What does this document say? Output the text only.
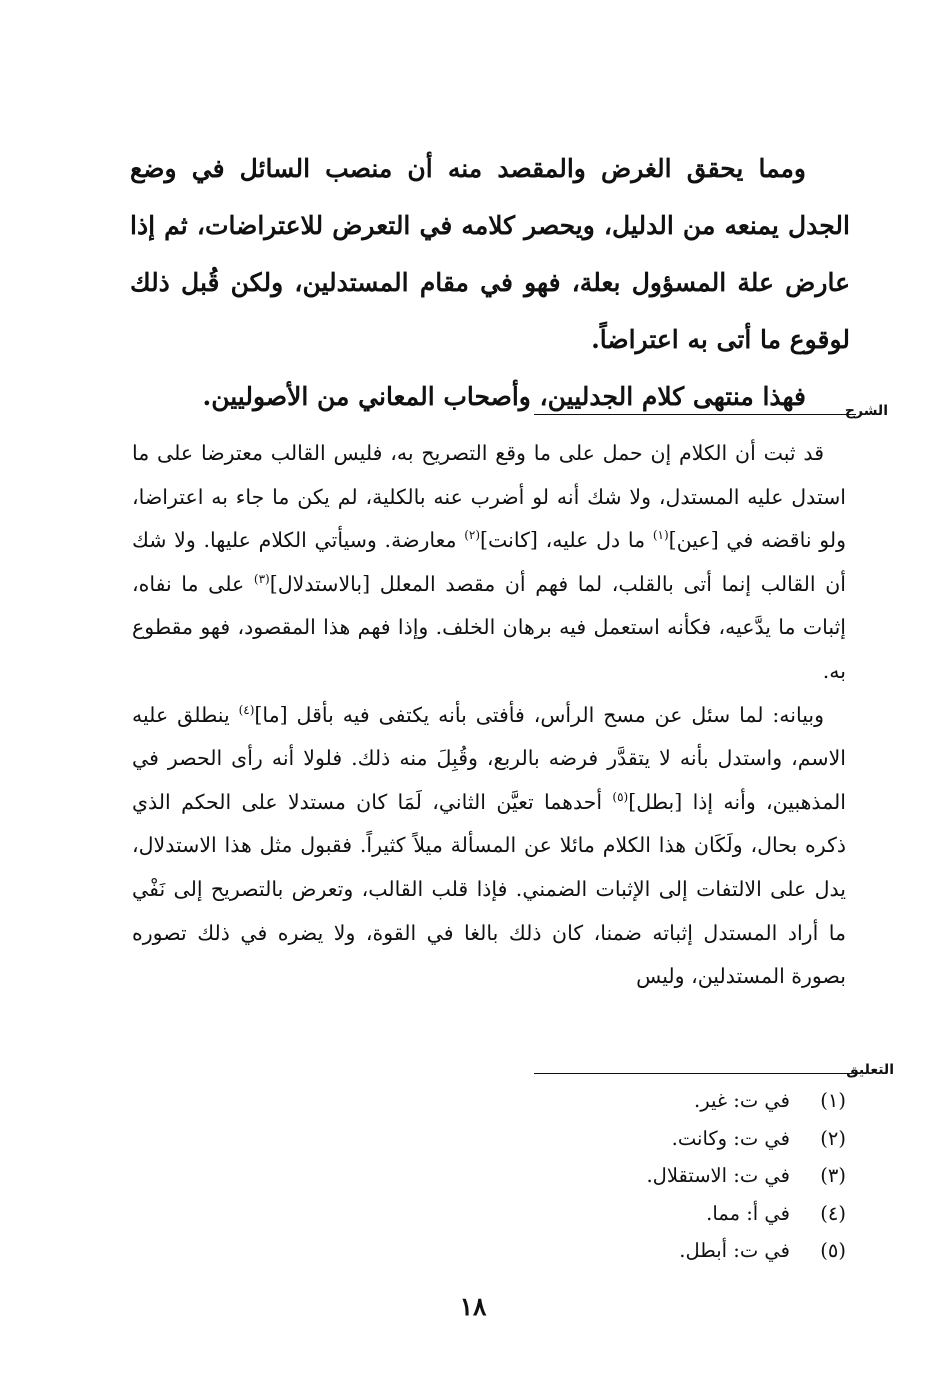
ومما يحقق الغرض والمقصد منه أن منصب السائل في وضع الجدل يمنعه من الدليل، ويحصر كلامه في التعرض للاعتراضات، ثم إذا عارض علة المسؤول بعلة، فهو في مقام المستدلين، ولكن قُبل ذلك لوقوع ما أتى به اعتراضاً.

فهذا منتهى كلام الجدليين، وأصحاب المعاني من الأصوليين.	الشرح

قد ثبت أن الكلام إن حمل على ما وقع التصريح به، فليس القالب معترضا على ما استدل عليه المستدل، ولا شك أنه لو أضرب عنه بالكلية، لم يكن ما جاء به اعتراضا، ولو ناقضه في [عين]$^{(١)}$ ما دل عليه، [كانت]$^{(٢)}$ معارضة. وسيأتي الكلام عليها. ولا شك أن القالب إنما أتى بالقلب، لما فهم أن مقصد المعلل [بالاستدلال]$^{(٣)}$ على ما نفاه، إثبات ما يدَّعيه، فكأنه استعمل فيه برهان الخلف. وإذا فهم هذا المقصود، فهو مقطوع به.

وبيانه: لما سئل عن مسح الرأس، فأفتى بأنه يكتفى فيه بأقل [ما]$^{(٤)}$ ينطلق عليه الاسم، واستدل بأنه لا يتقدَّر فرضه بالربع، وقُبِلَ منه ذلك. فلولا أنه رأى الحصر في المذهبين، وأنه إذا [بطل]$^{(٥)}$ أحدهما تعيَّن الثاني، لَمَا كان مستدلا على الحكم الذي ذكره بحال، ولَكَان هذا الكلام مائلا عن المسألة ميلاً كثيراً. فقبول مثل هذا الاستدلال، يدل على الالتفات إلى الإثبات الضمني. فإذا قلب القالب، وتعرض بالتصريح إلى نَفْي ما أراد المستدل إثباته ضمنا، كان ذلك بالغا في القوة، ولا يضره في ذلك تصوره بصورة المستدلين، وليس

التعليق
(١)في ت: غير.
(٢)في ت: وكانت.
(٣)في ت: الاستقلال.
(٤)في أ: مما.
(٥)في ت: أبطل.
١٨
